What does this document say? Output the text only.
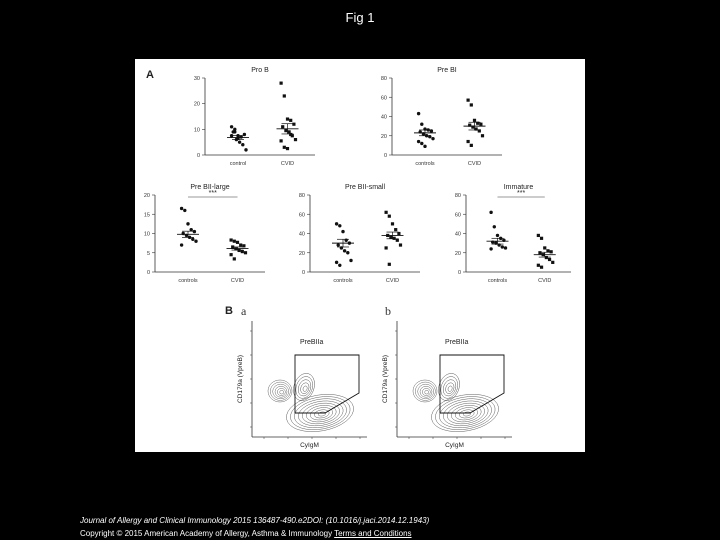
Fig 1
A
B a	b
Pro B
0
10
20
30
control	CVID
Pre BI
0
20
40
60
80
controls	CVID
Pre BII-large
0
5
10
15
20
controls	CVID
***
Pre BII-small
0
20
40
60
80
controls	CVID
Immature
0
20
40
60
80
controls	CVID
***
PreBIIa
CD179a (VpreB)
CyIgM
PreBIIa
CD179a (VpreB)
CyIgM
Journal of Allergy and Clinical Immunology 2015 136487-490.e2DOI: (10.1016/j.jaci.2014.12.1943)
Copyright © 2015 American Academy of Allergy, Asthma & Immunology Terms and Conditions
